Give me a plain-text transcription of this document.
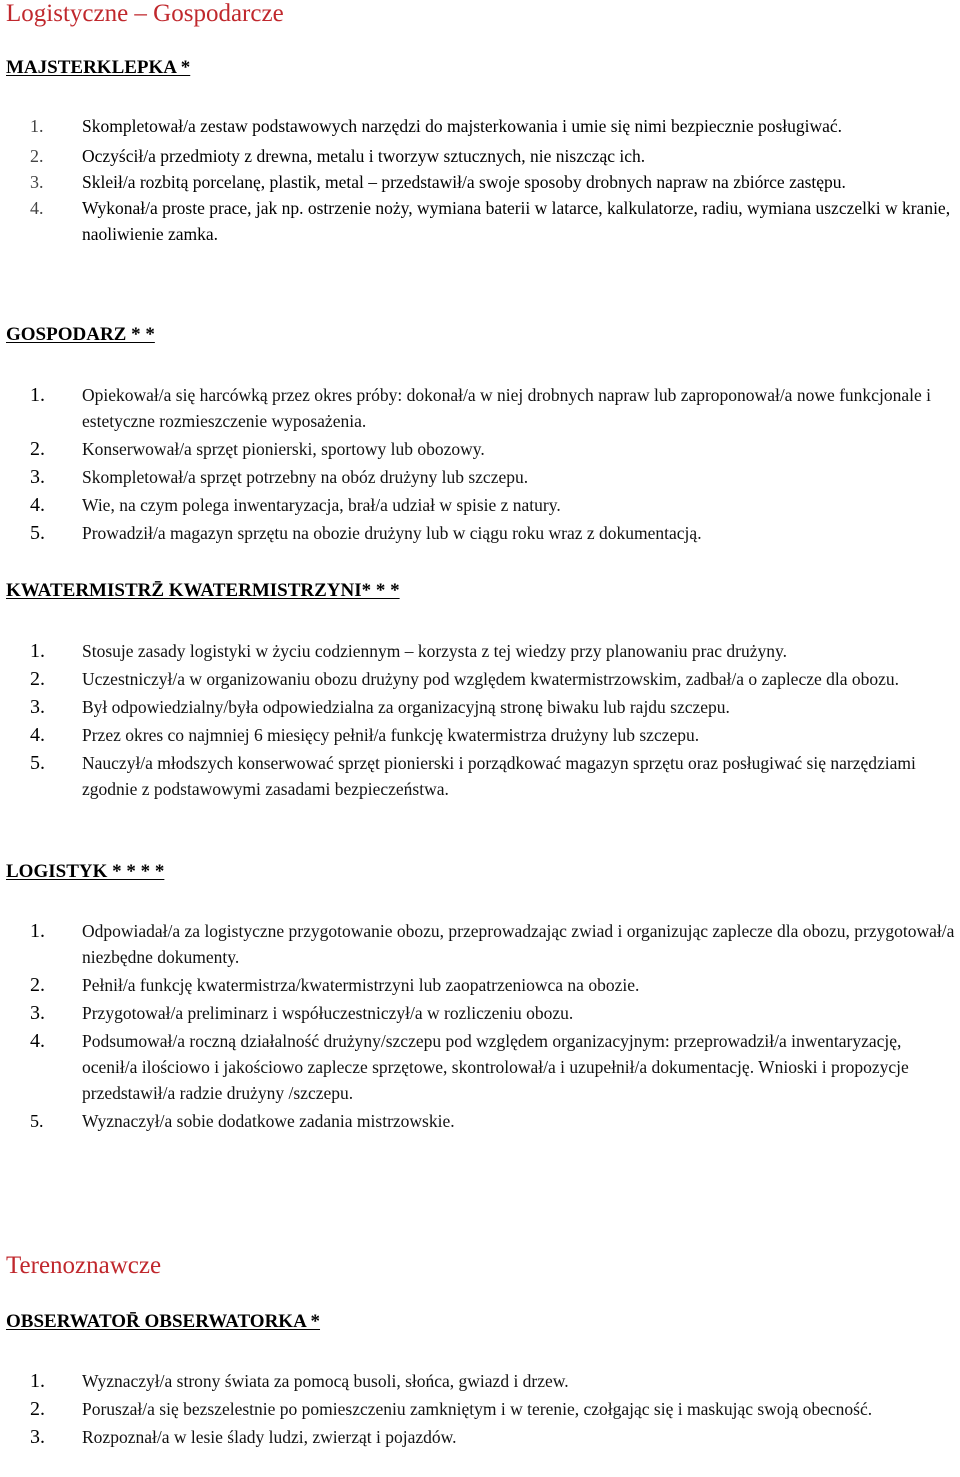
Logistyczne – Gospodarcze
MAJSTERKLEPKA *
1. Skompletował/a zestaw podstawowych narzędzi do majsterkowania i umie się nimi bezpiecznie posługiwać.
2. Oczyścił/a przedmioty z drewna, metalu i tworzyw sztucznych, nie niszcząc ich.
3. Skleił/a rozbitą porcelanę, plastik, metal – przedstawił/a swoje sposoby drobnych napraw na zbiórce zastępu.
4. Wykonał/a proste prace, jak np. ostrzenie noży, wymiana baterii w latarce, kalkulatorze, radiu, wymiana uszczelki w kranie, naoliwienie zamka.
GOSPODARZ * *
1. Opiekował/a się harcówką przez okres próby: dokonał/a w niej drobnych napraw lub zaproponował/a nowe funkcjonale i estetyczne rozmieszczenie wyposażenia.
2. Konserwował/a sprzęt pionierski, sportowy lub obozowy.
3. Skompletował/a sprzęt potrzebny na obóz drużyny lub szczepu.
4. Wie, na czym polega inwentaryzacja, brał/a udział w spisie z natury.
5. Prowadził/a magazyn sprzętu na obozie drużyny lub w ciągu roku wraz z dokumentacją.
KWATERMISTRZ̄ KWATERMISTRZYNI* * *
1. Stosuje zasady logistyki w życiu codziennym – korzysta z tej wiedzy przy planowaniu prac drużyny.
2. Uczestniczył/a w organizowaniu obozu drużyny pod względem kwatermistrzowskim, zadbał/a o zaplecze dla obozu.
3. Był odpowiedzialny/była odpowiedzialna za organizacyjną stronę biwaku lub rajdu szczepu.
4. Przez okres co najmniej 6 miesięcy pełnił/a funkcję kwatermistrza drużyny lub szczepu.
5. Nauczył/a młodszych konserwować sprzęt pionierski i porządkować magazyn sprzętu oraz posługiwać się narzędziami zgodnie z podstawowymi zasadami bezpieczeństwa.
LOGISTYK * * * *
1. Odpowiadał/a za logistyczne przygotowanie obozu, przeprowadzając zwiad i organizując zaplecze dla obozu, przygotował/a niezbędne dokumenty.
2. Pełnił/a funkcję kwatermistrza/kwatermistrzyni lub zaopatrzeniowca na obozie.
3. Przygotował/a preliminarz i współuczestniczył/a w rozliczeniu obozu.
4. Podsumował/a roczną działalność drużyny/szczepu pod względem organizacyjnym: przeprowadził/a inwentaryzację, ocenił/a ilościowo i jakościowo zaplecze sprzętowe, skontrolował/a i uzupełnił/a dokumentację. Wnioski i propozycje przedstawił/a radzie drużyny /szczepu.
5. Wyznaczył/a sobie dodatkowe zadania mistrzowskie.
Terenoznawcze
OBSERWATOR̄ OBSERWATORKA *
1. Wyznaczył/a strony świata za pomocą busoli, słońca, gwiazd i drzew.
2. Poruszał/a się bezszelestnie po pomieszczeniu zamkniętym i w terenie, czołgając się i maskując swoją obecność.
3. Rozpoznał/a w lesie ślady ludzi, zwierząt i pojazdów.
